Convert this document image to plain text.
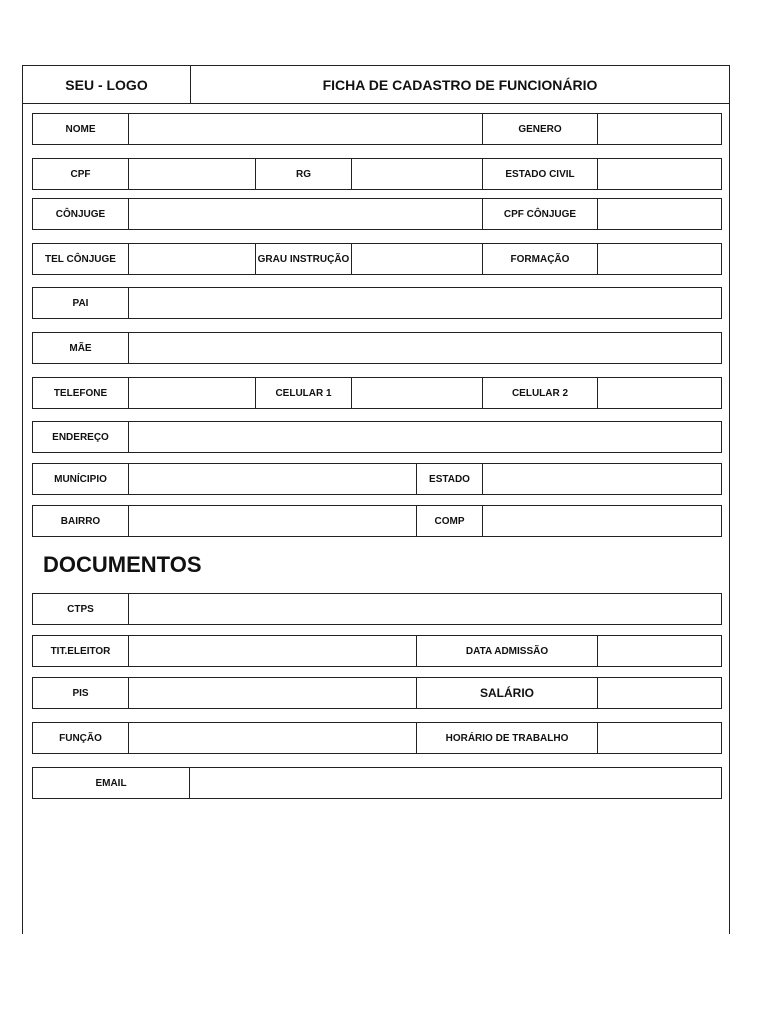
SEU - LOGO	FICHA DE CADASTRO DE FUNCIONÁRIO
NOME	GENERO
CPF	RG	ESTADO CIVIL
CÔNJUGE	CPF CÔNJUGE
TEL CÔNJUGE	GRAU INSTRUÇÃO	FORMAÇÃO
PAI
MÃE
TELEFONE	CELULAR 1	CELULAR 2
ENDEREÇO
MUNÍCIPIO	ESTADO
BAIRRO	COMP
DOCUMENTOS
CTPS
TIT.ELEITOR	DATA ADMISSÃO
PIS	SALÁRIO
FUNÇÃO	HORÁRIO DE TRABALHO
EMAIL
